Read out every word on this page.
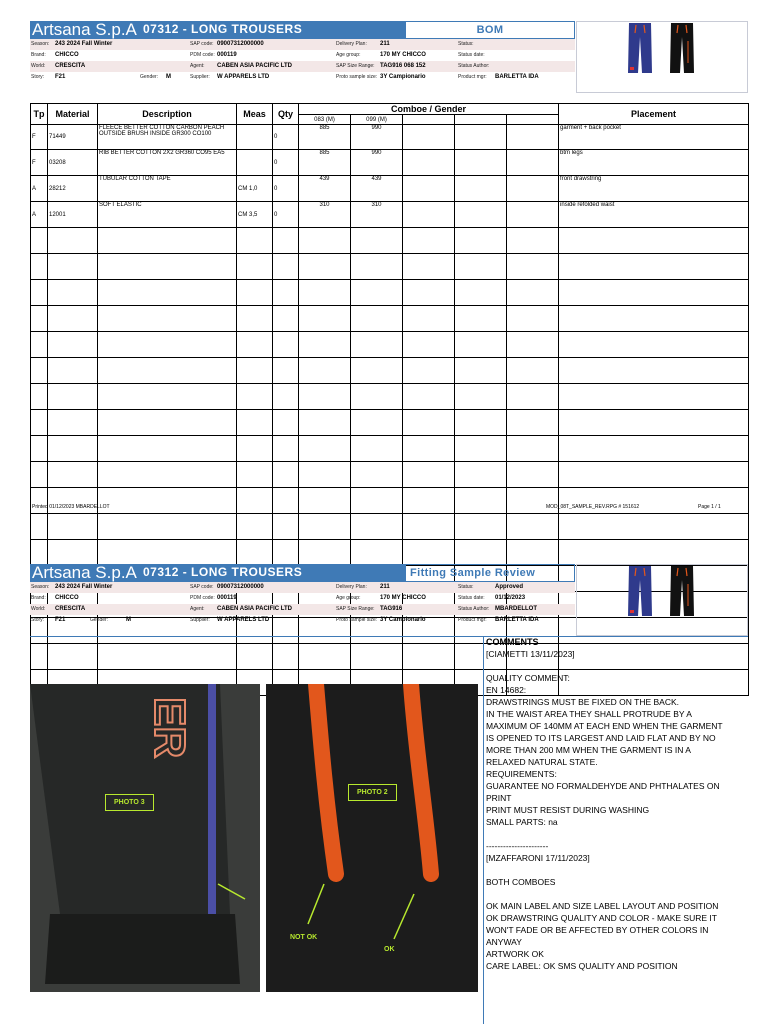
Artsana S.p.A 07312 - LONG TROUSERS	BOM
Season: 243 2024 Fall Winter	SAP code: 09007312000000	Delivery Plan: 211	Status:
Brand: CHICCO	PDM code: 000119	Age group:	170 MY CHICCO	Status date:
World: CRESCITA	Agent: CABEN ASIA PACIFIC LTD	SAP Size Range: TAG916 068 152	Status Author:
Story: F21	Gender: M	Supplier: W APPARELS LTD	Proto sample size: 3Y Campionario	Product mgr: BARLETTA IDA
Tp	Material	Description	Meas	Qty	Comboe / Gender					Placement
					083 (M)	099 (M)				
F	71449	FLEECE BETTER COTTON CARBON PEACH OUTSIDE BRUSH INSIDE GR300 CO100		0	885	990				garment + back pocket
F	03208	RIB BETTER COTTON 2X2 GR360 CO95 EA5		0	885	990				btm legs
A	28212	TUBULAR COTTON TAPE	CM 1,0	0	439	439				front drawstring
A	12001	SOFT ELASTIC	CM 3,5	0	310	310				inside refolded waist

Printed 01/12/2023 MBARDELLOT	MOD_08T_SAMPLE_REV.RPG # 151612	Page 1 / 1
Artsana S.p.A 07312 - LONG TROUSERS	Fitting Sample Review
Season: 243 2024 Fall Winter	SAP code: 09007312000000	Delivery Plan: 211	Status:	Approved
Brand: CHICCO	PDM code: 000119	Age group:	170 MY CHICCO	Status date: 01/12/2023
World: CRESCITA	Agent: CABEN ASIA PACIFIC LTD	SAP Size Range: TAG916	Status Author: MBARDELLOT
Story: F21	Gender:	M	Supplier: W APPARELS LTD	Proto sample size: 3Y Campionario	Product mgr: BARLETTA IDA
ER
PHOTO 3
PHOTO 2
NOT OK
OK
COMMENTS
[CIAMETTI 13/11/2023]
QUALITY COMMENT:
EN 14682:
DRAWSTRINGS MUST BE FIXED ON THE BACK.
IN THE WAIST AREA THEY SHALL PROTRUDE BY A
MAXIMUM OF 140MM AT EACH END WHEN THE GARMENT
IS OPENED TO ITS LARGEST AND LAID FLAT AND BY NO
MORE THAN 200 MM WHEN THE GARMENT IS IN A
RELAXED NATURAL STATE.
REQUIREMENTS:
GUARANTEE NO FORMALDEHYDE AND PHTHALATES ON
PRINT
PRINT MUST RESIST DURING WASHING
SMALL PARTS: na
----------------------
[MZAFFARONI 17/11/2023]
BOTH COMBOES
OK MAIN LABEL AND SIZE LABEL LAYOUT AND POSITION
OK DRAWSTRING QUALITY AND COLOR - MAKE SURE IT
WON'T FADE OR BE AFFECTED BY OTHER COLORS IN
ANYWAY
ARTWORK OK
CARE LABEL: OK SMS QUALITY AND POSITION
